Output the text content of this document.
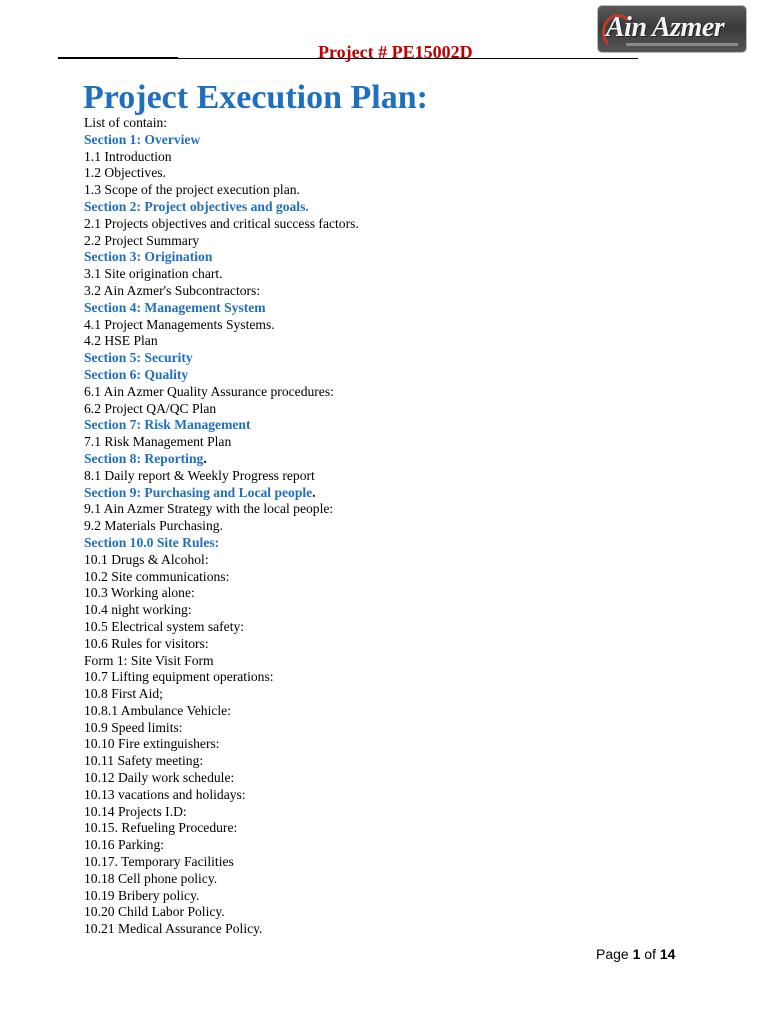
Project # PE15002D
Ain Azmer
Project Execution Plan:
List of contain:
Section 1: Overview
1.1 Introduction
1.2 Objectives.
1.3 Scope of the project execution plan.
Section 2: Project objectives and goals.
2.1 Projects objectives and critical success factors.
2.2 Project Summary
Section 3: Origination
3.1 Site origination chart.
3.2 Ain Azmer's Subcontractors:
Section 4: Management System
4.1 Project Managements Systems.
4.2 HSE Plan
Section 5: Security
Section 6: Quality
6.1 Ain Azmer Quality Assurance procedures:
6.2 Project QA/QC Plan
Section 7: Risk Management
7.1 Risk Management Plan
Section 8: Reporting.
8.1 Daily report & Weekly Progress report
Section 9: Purchasing and Local people.
9.1 Ain Azmer Strategy with the local people:
9.2 Materials Purchasing.
Section 10.0 Site Rules:
10.1 Drugs & Alcohol:
10.2 Site communications:
10.3 Working alone:
10.4 night working:
10.5 Electrical system safety:
10.6 Rules for visitors:
Form 1: Site Visit Form
10.7 Lifting equipment operations:
10.8 First Aid;
10.8.1 Ambulance Vehicle:
10.9 Speed limits:
10.10 Fire extinguishers:
10.11 Safety meeting:
10.12 Daily work schedule:
10.13 vacations and holidays:
10.14 Projects I.D:
10.15. Refueling Procedure:
10.16 Parking:
10.17. Temporary Facilities
10.18 Cell phone policy.
10.19 Bribery policy.
10.20 Child Labor Policy.
10.21 Medical Assurance Policy.
Page 1 of 14
